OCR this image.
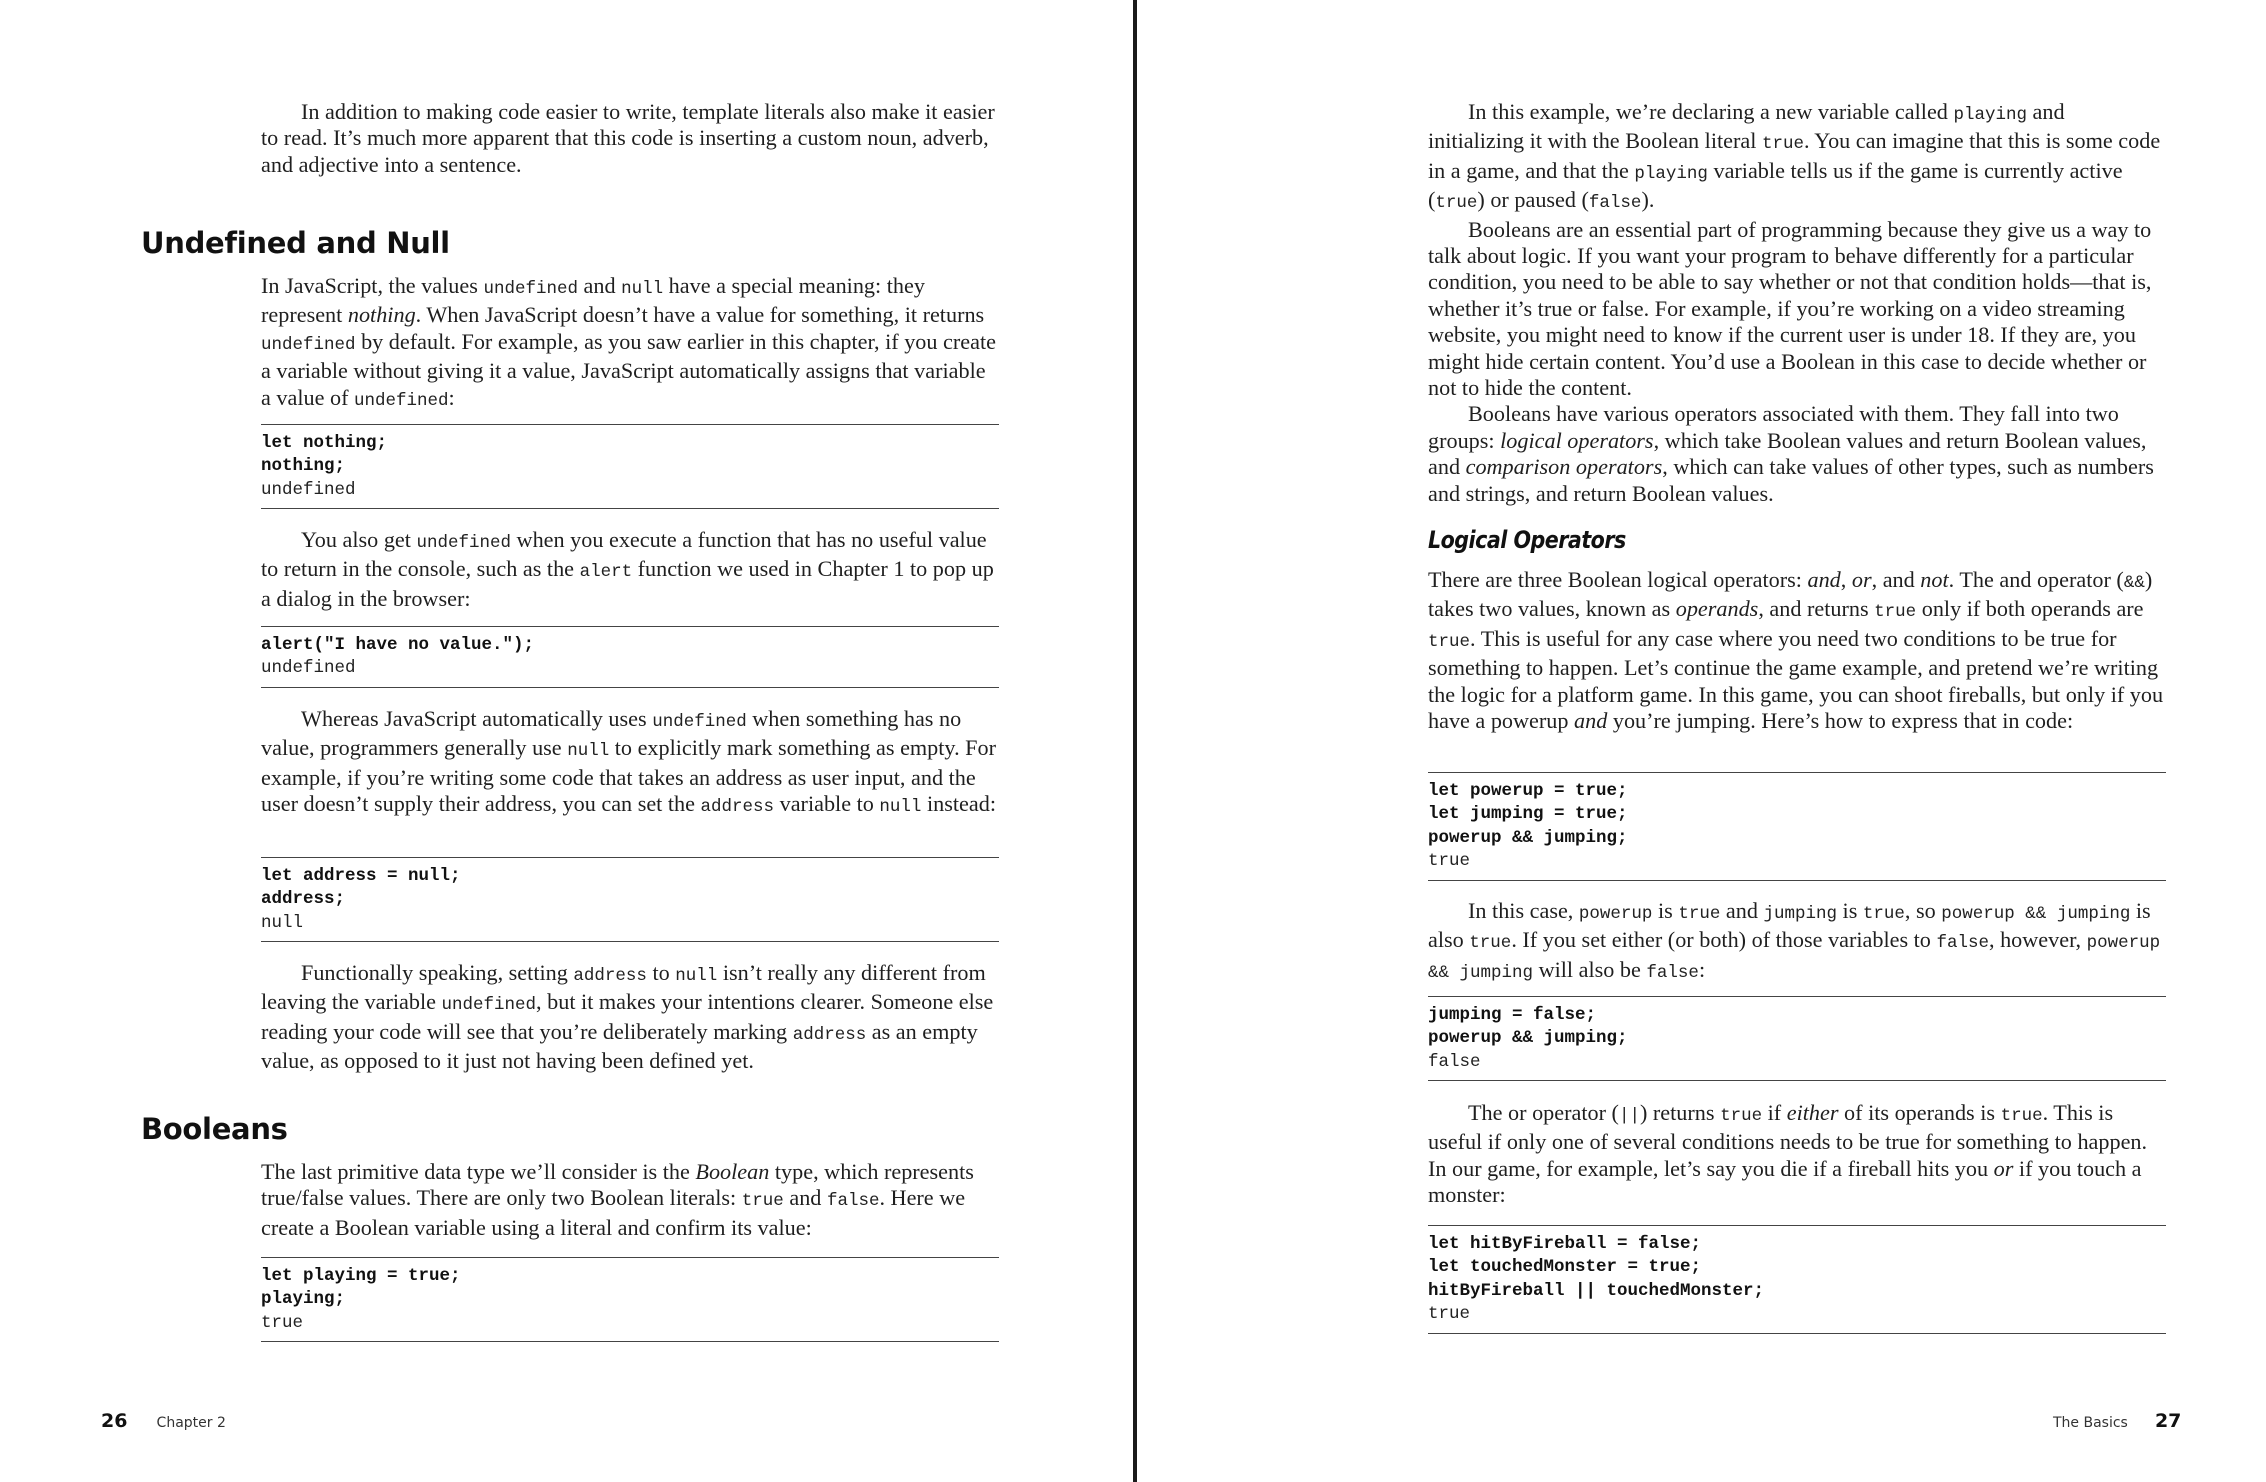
In addition to making code easier to write, template literals also make it easier to read. It’s much more apparent that this code is inserting a custom noun, adverb, and adjective into a sentence.

Undefined and Null

In JavaScript, the values undefined and null have a special meaning: they represent nothing. When JavaScript doesn’t have a value for something, it returns undefined by default. For example, as you saw earlier in this chapter, if you create a variable without giving it a value, JavaScript automatically assigns that variable a value of undefined:

let nothing;
nothing;
undefined

You also get undefined when you execute a function that has no useful value to return in the console, such as the alert function we used in Chapter 1 to pop up a dialog in the browser:

alert("I have no value.");
undefined

Whereas JavaScript automatically uses undefined when something has no value, programmers generally use null to explicitly mark something as empty. For example, if you’re writing some code that takes an address as user input, and the user doesn’t supply their address, you can set the address variable to null instead:

let address = null;
address;
null

Functionally speaking, setting address to null isn’t really any different from leaving the variable undefined, but it makes your intentions clearer. Someone else reading your code will see that you’re deliberately marking address as an empty value, as opposed to it just not having been defined yet.

Booleans

The last primitive data type we’ll consider is the Boolean type, which represents true/false values. There are only two Boolean literals: true and false. Here we create a Boolean variable using a literal and confirm its value:

let playing = true;
playing;
true
26 Chapter 2

In this example, we’re declaring a new variable called playing and initializing it with the Boolean literal true. You can imagine that this is some code in a game, and that the playing variable tells us if the game is currently active (true) or paused (false).

Booleans are an essential part of programming because they give us a way to talk about logic. If you want your program to behave differently for a particular condition, you need to be able to say whether or not that condition holds—that is, whether it’s true or false. For example, if you’re working on a video streaming website, you might need to know if the current user is under 18. If they are, you might hide certain content. You’d use a Boolean in this case to decide whether or not to hide the content.

Booleans have various operators associated with them. They fall into two groups: logical operators, which take Boolean values and return Boolean values, and comparison operators, which can take values of other types, such as numbers and strings, and return Boolean values.

Logical Operators

There are three Boolean logical operators: and, or, and not. The and operator (&&) takes two values, known as operands, and returns true only if both operands are true. This is useful for any case where you need two conditions to be true for something to happen. Let’s continue the game example, and pretend we’re writing the logic for a platform game. In this game, you can shoot fireballs, but only if you have a powerup and you’re jumping. Here’s how to express that in code:

let powerup = true;
let jumping = true;
powerup && jumping;
true

In this case, powerup is true and jumping is true, so powerup && jumping is also true. If you set either (or both) of those variables to false, however, powerup && jumping will also be false:

jumping = false;
powerup && jumping;
false

The or operator (||) returns true if either of its operands is true. This is useful if only one of several conditions needs to be true for something to happen. In our game, for example, let’s say you die if a fireball hits you or if you touch a monster:

let hitByFireball = false;
let touchedMonster = true;
hitByFireball || touchedMonster;
true
The Basics 27
